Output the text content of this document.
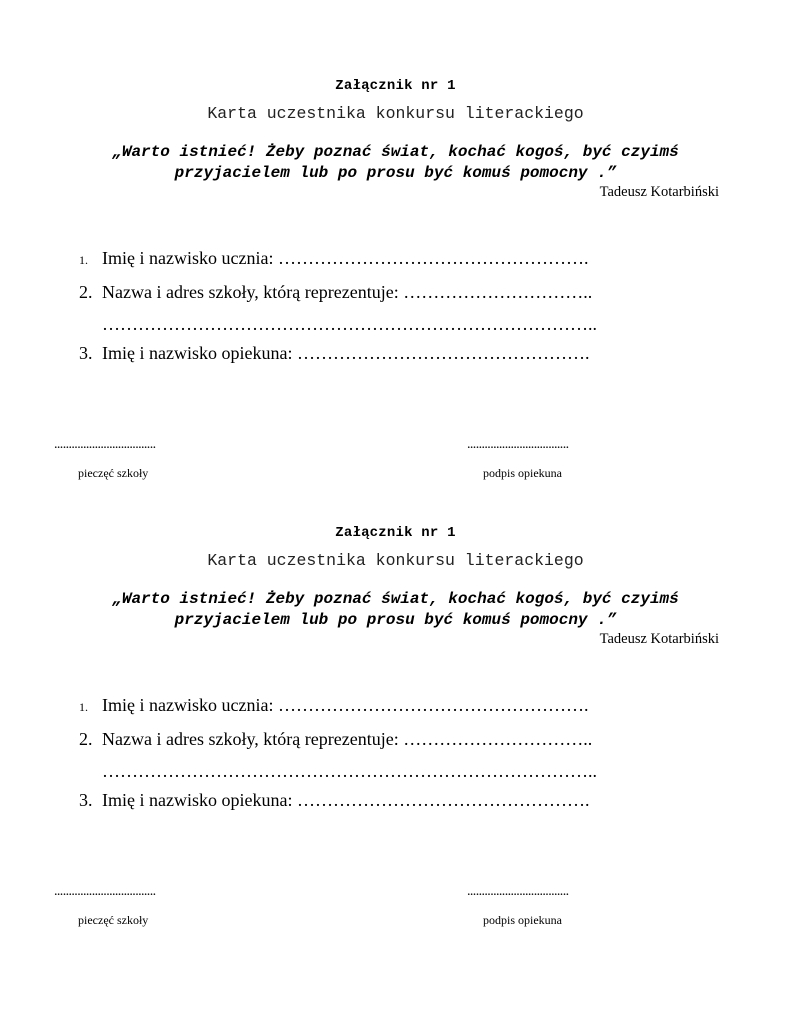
Załącznik nr 1
Karta uczestnika konkursu literackiego
„Warto istnieć! Żeby poznać świat, kochać kogoś, być czyimś
przyjacielem lub po prosu być komuś pomocny .”
Tadeusz Kotarbiński
1. Imię i nazwisko ucznia: …………………………………………….
2. Nazwa i adres szkoły, którą reprezentuje: …………………………..
………………………………………………………………………..
3. Imię i nazwisko opiekuna: ………………………………………….
...................................	...................................
pieczęć szkoły	podpis opiekuna
Załącznik nr 1
Karta uczestnika konkursu literackiego
„Warto istnieć! Żeby poznać świat, kochać kogoś, być czyimś
przyjacielem lub po prosu być komuś pomocny .”
Tadeusz Kotarbiński
1. Imię i nazwisko ucznia: …………………………………………….
2. Nazwa i adres szkoły, którą reprezentuje: …………………………..
………………………………………………………………………..
3. Imię i nazwisko opiekuna: ………………………………………….
...................................	...................................
pieczęć szkoły	podpis opiekuna
